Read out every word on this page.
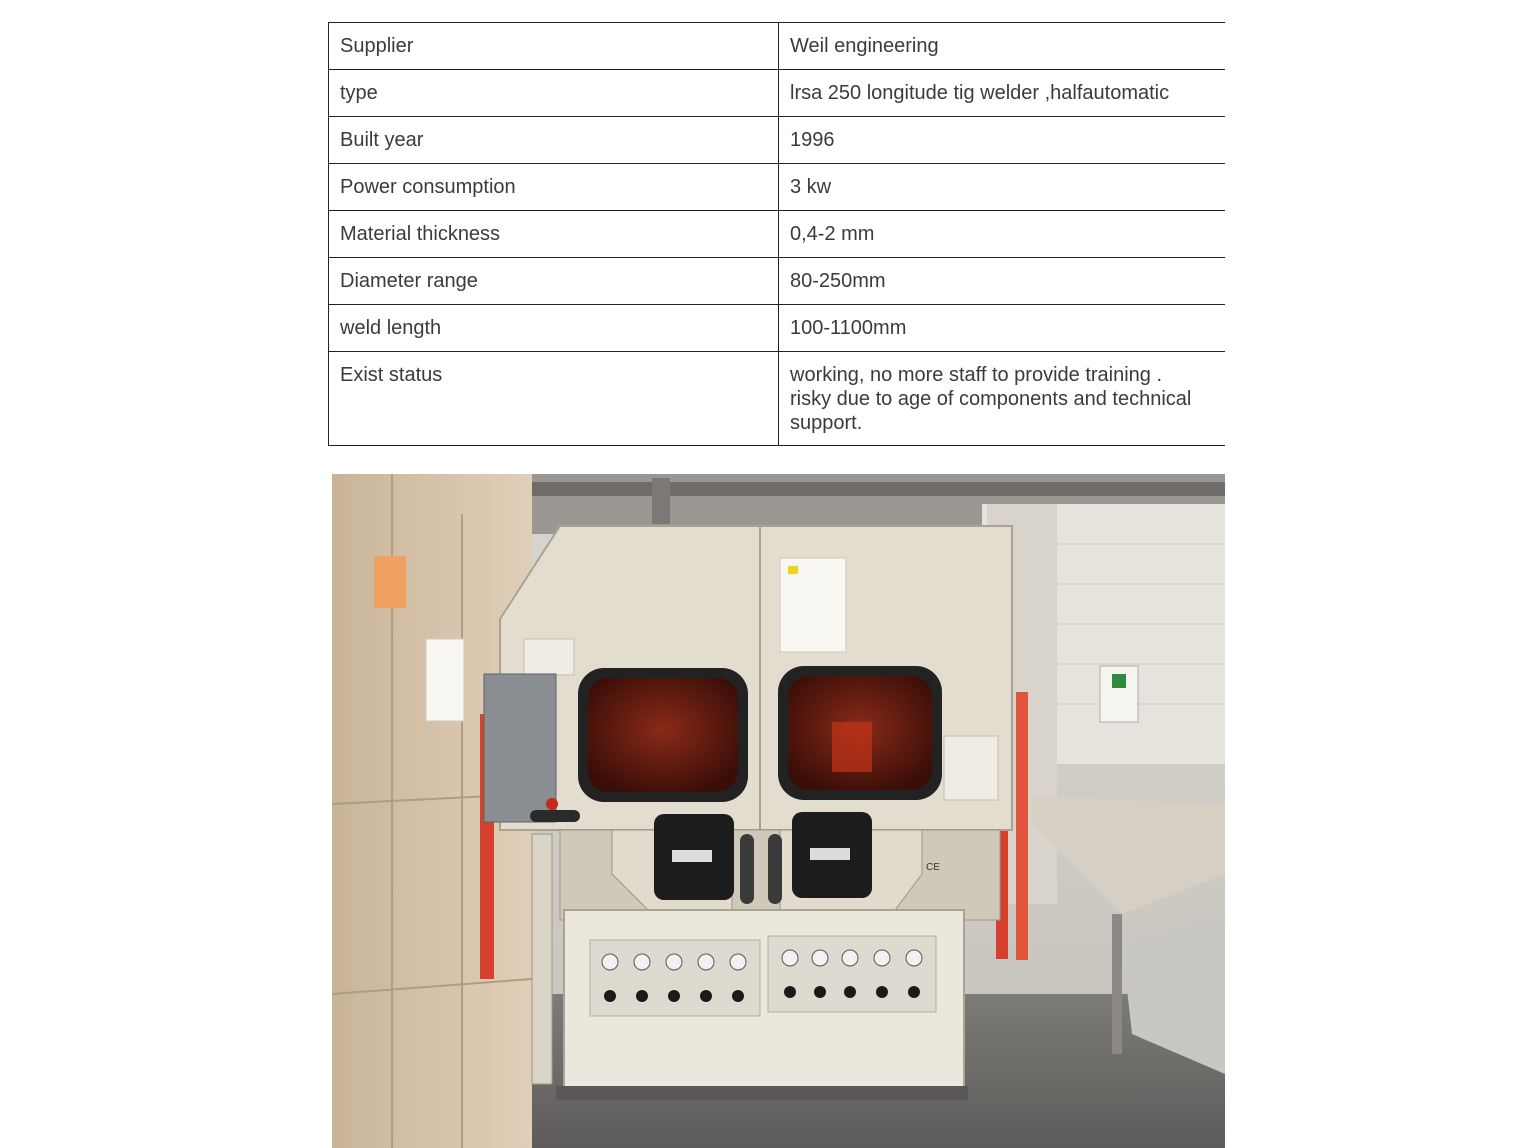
Supplier	Weil engineering
type	lrsa 250 longitude tig welder ,halfautomatic
Built year	1996
Power consumption	3 kw
Material thickness	0,4-2 mm
Diameter range	80-250mm
weld length	100-1100mm
Exist status	working, no more staff to provide training .
risky due to age of components and technical
support.
CE
